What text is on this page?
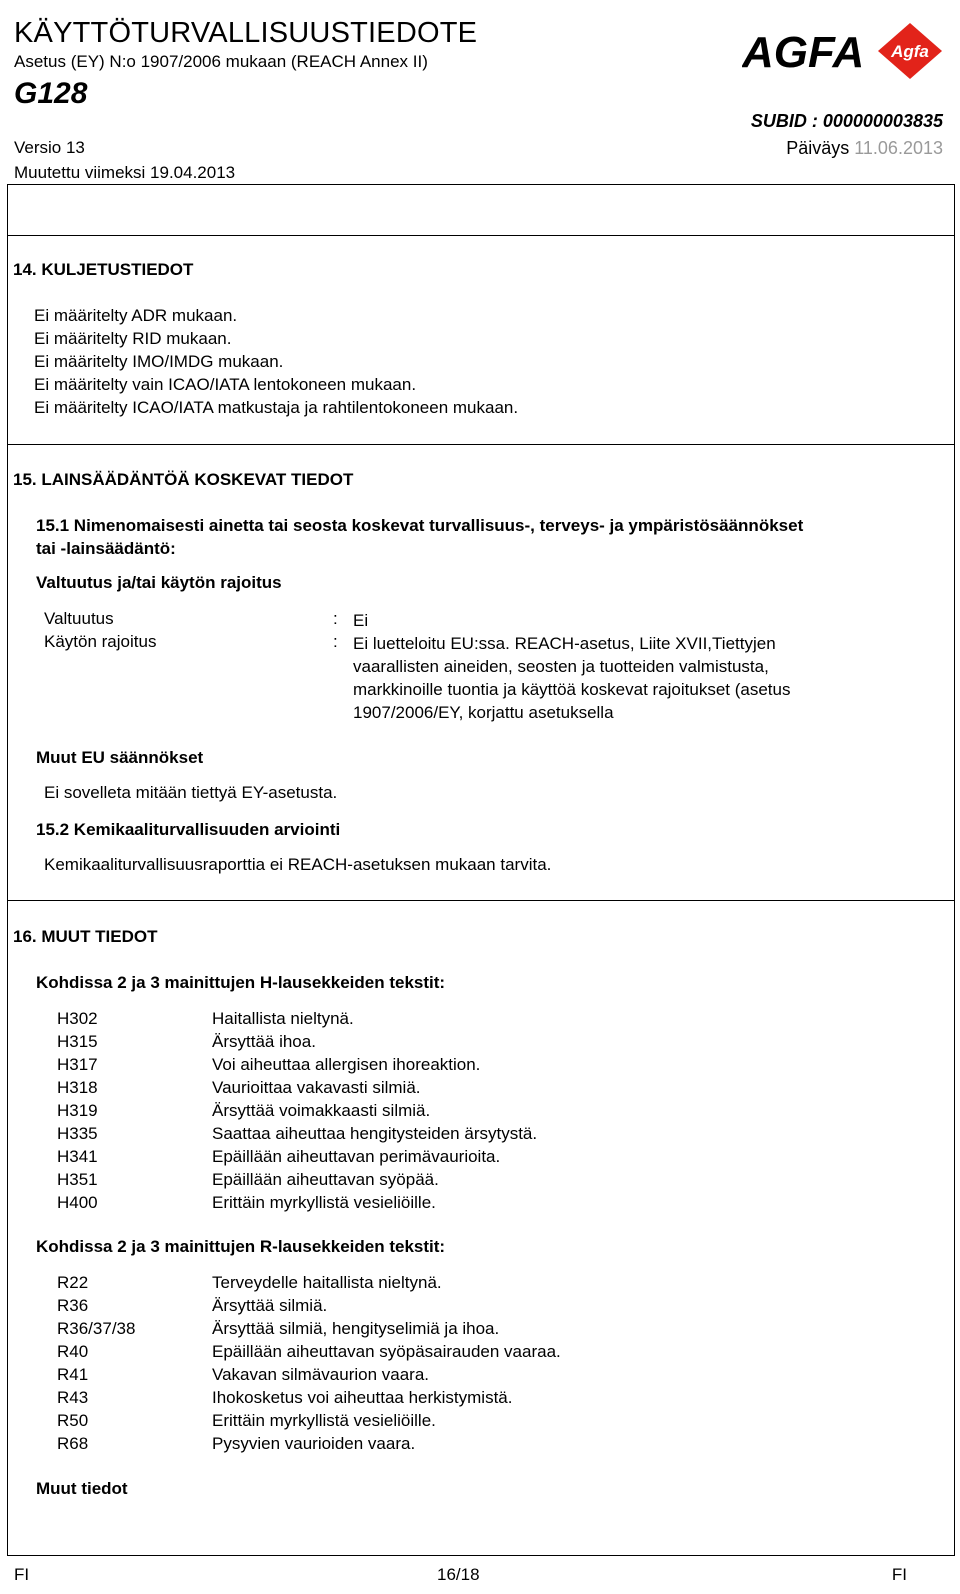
KÄYTTÖTURVALLISUUSTIEDOTE
Asetus (EY) N:o 1907/2006 mukaan (REACH Annex II)
G128
AGFA Agfa
SUBID : 000000003835
Versio 13
Muutettu viimeksi 19.04.2013
Päiväys 11.06.2013
14. KULJETUSTIEDOT
Ei määritelty ADR mukaan.
Ei määritelty RID mukaan.
Ei määritelty IMO/IMDG mukaan.
Ei määritelty vain ICAO/IATA lentokoneen mukaan.
Ei määritelty ICAO/IATA matkustaja ja rahtilentokoneen mukaan.
15. LAINSÄÄDÄNTÖÄ KOSKEVAT TIEDOT
15.1 Nimenomaisesti ainetta tai seosta koskevat turvallisuus-, terveys- ja ympäristösäännökset
tai -lainsäädäntö:
Valtuutus ja/tai käytön rajoitus
Valtuutus	: Ei
Käytön rajoitus	: Ei luetteloitu EU:ssa. REACH-asetus, Liite XVII,Tiettyjen
vaarallisten aineiden, seosten ja tuotteiden valmistusta,
markkinoille tuontia ja käyttöä koskevat rajoitukset (asetus
1907/2006/EY, korjattu asetuksella
Muut EU säännökset
Ei sovelleta mitään tiettyä EY-asetusta.
15.2 Kemikaaliturvallisuuden arviointi
Kemikaaliturvallisuusraporttia ei REACH-asetuksen mukaan tarvita.
16. MUUT TIEDOT
Kohdissa 2 ja 3 mainittujen H-lausekkeiden tekstit:
H302	Haitallista nieltynä.
H315	Ärsyttää ihoa.
H317	Voi aiheuttaa allergisen ihoreaktion.
H318	Vaurioittaa vakavasti silmiä.
H319	Ärsyttää voimakkaasti silmiä.
H335	Saattaa aiheuttaa hengitysteiden ärsytystä.
H341	Epäillään aiheuttavan perimävaurioita.
H351	Epäillään aiheuttavan syöpää.
H400	Erittäin myrkyllistä vesieliöille.
Kohdissa 2 ja 3 mainittujen R-lausekkeiden tekstit:
R22	Terveydelle haitallista nieltynä.
R36	Ärsyttää silmiä.
R36/37/38	Ärsyttää silmiä, hengityselimiä ja ihoa.
R40	Epäillään aiheuttavan syöpäsairauden vaaraa.
R41	Vakavan silmävaurion vaara.
R43	Ihokosketus voi aiheuttaa herkistymistä.
R50	Erittäin myrkyllistä vesieliöille.
R68	Pysyvien vaurioiden vaara.
Muut tiedot
FI	16/18	FI
